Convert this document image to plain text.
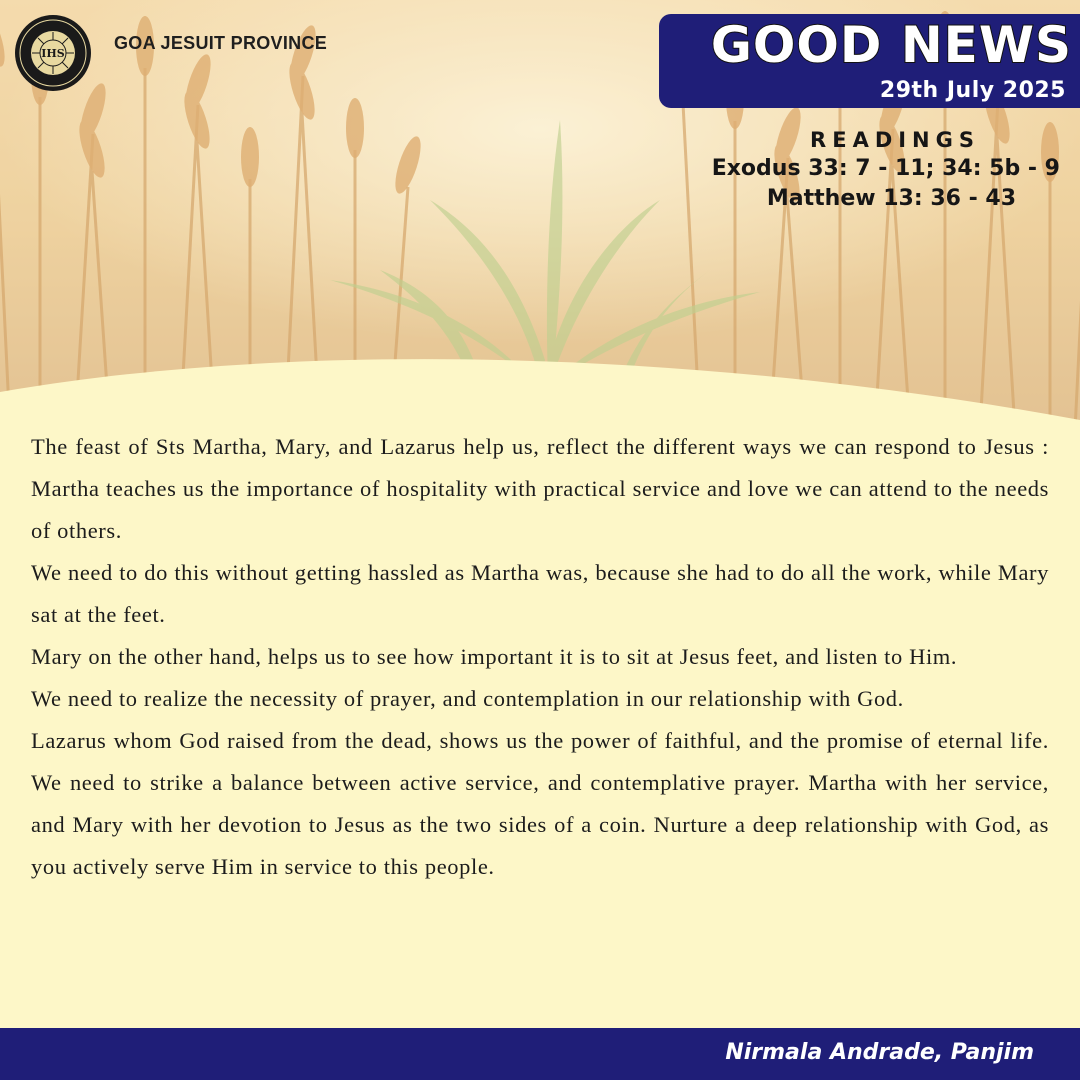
IHS
GOA JESUIT PROVINCE	GOOD NEWS
29th July 2025
READINGS
Exodus 33: 7 - 11; 34: 5b - 9
Matthew 13: 36 - 43

The feast of Sts Martha, Mary, and Lazarus help us, reflect the different ways we can respond to Jesus : Martha teaches us the importance of hospitality with practical service and love we can attend to the needs of others.

We need to do this without getting hassled as Martha was, because she had to do all the work, while Mary sat at the feet.

Mary on the other hand, helps us to see how important it is to sit at Jesus feet, and listen to Him.

We need to realize the necessity of prayer, and contemplation in our relationship with God.

Lazarus whom God raised from the dead, shows us the power of faithful, and the promise of eternal life. We need to strike a balance between active service, and contemplative prayer. Martha with her service, and Mary with her devotion to Jesus as the two sides of a coin. Nurture a deep relationship with God, as you actively serve Him in service to this people.

Nirmala Andrade, Panjim
